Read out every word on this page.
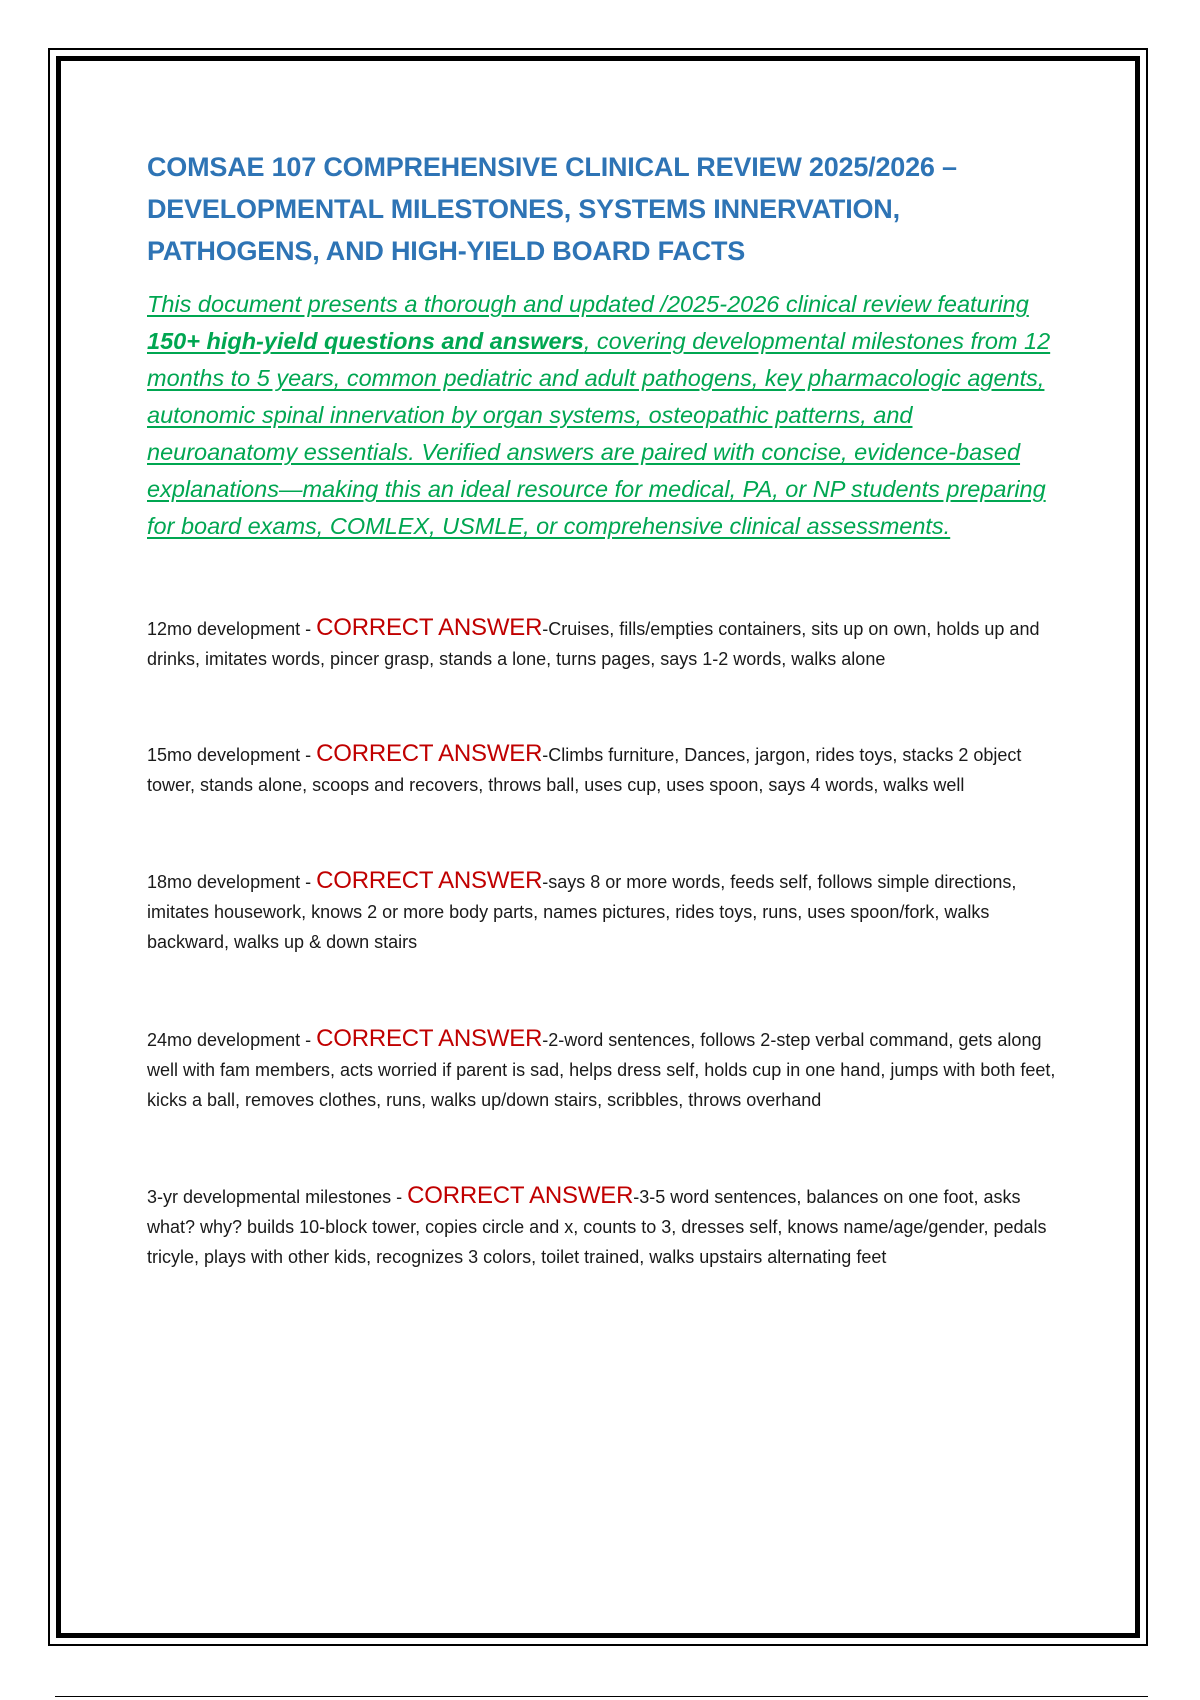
COMSAE 107 COMPREHENSIVE CLINICAL REVIEW 2025/2026 – DEVELOPMENTAL MILESTONES, SYSTEMS INNERVATION, PATHOGENS, AND HIGH-YIELD BOARD FACTS

This document presents a thorough and updated /2025-2026 clinical review featuring 150+ high-yield questions and answers, covering developmental milestones from 12 months to 5 years, common pediatric and adult pathogens, key pharmacologic agents, autonomic spinal innervation by organ systems, osteopathic patterns, and neuroanatomy essentials. Verified answers are paired with concise, evidence-based explanations—making this an ideal resource for medical, PA, or NP students preparing for board exams, COMLEX, USMLE, or comprehensive clinical assessments.

12mo development - CORRECT ANSWER-Cruises, fills/empties containers, sits up on own, holds up and drinks, imitates words, pincer grasp, stands a lone, turns pages, says 1-2 words, walks alone
15mo development - CORRECT ANSWER-Climbs furniture, Dances, jargon, rides toys, stacks 2 object tower, stands alone, scoops and recovers, throws ball, uses cup, uses spoon, says 4 words, walks well
18mo development - CORRECT ANSWER-says 8 or more words, feeds self, follows simple directions, imitates housework, knows 2 or more body parts, names pictures, rides toys, runs, uses spoon/fork, walks backward, walks up & down stairs
24mo development - CORRECT ANSWER-2-word sentences, follows 2-step verbal command, gets along well with fam members, acts worried if parent is sad, helps dress self, holds cup in one hand, jumps with both feet, kicks a ball, removes clothes, runs, walks up/down stairs, scribbles, throws overhand
3-yr developmental milestones - CORRECT ANSWER-3-5 word sentences, balances on one foot, asks what? why? builds 10-block tower, copies circle and x, counts to 3, dresses self, knows name/age/gender, pedals tricyle, plays with other kids, recognizes 3 colors, toilet trained, walks upstairs alternating feet
